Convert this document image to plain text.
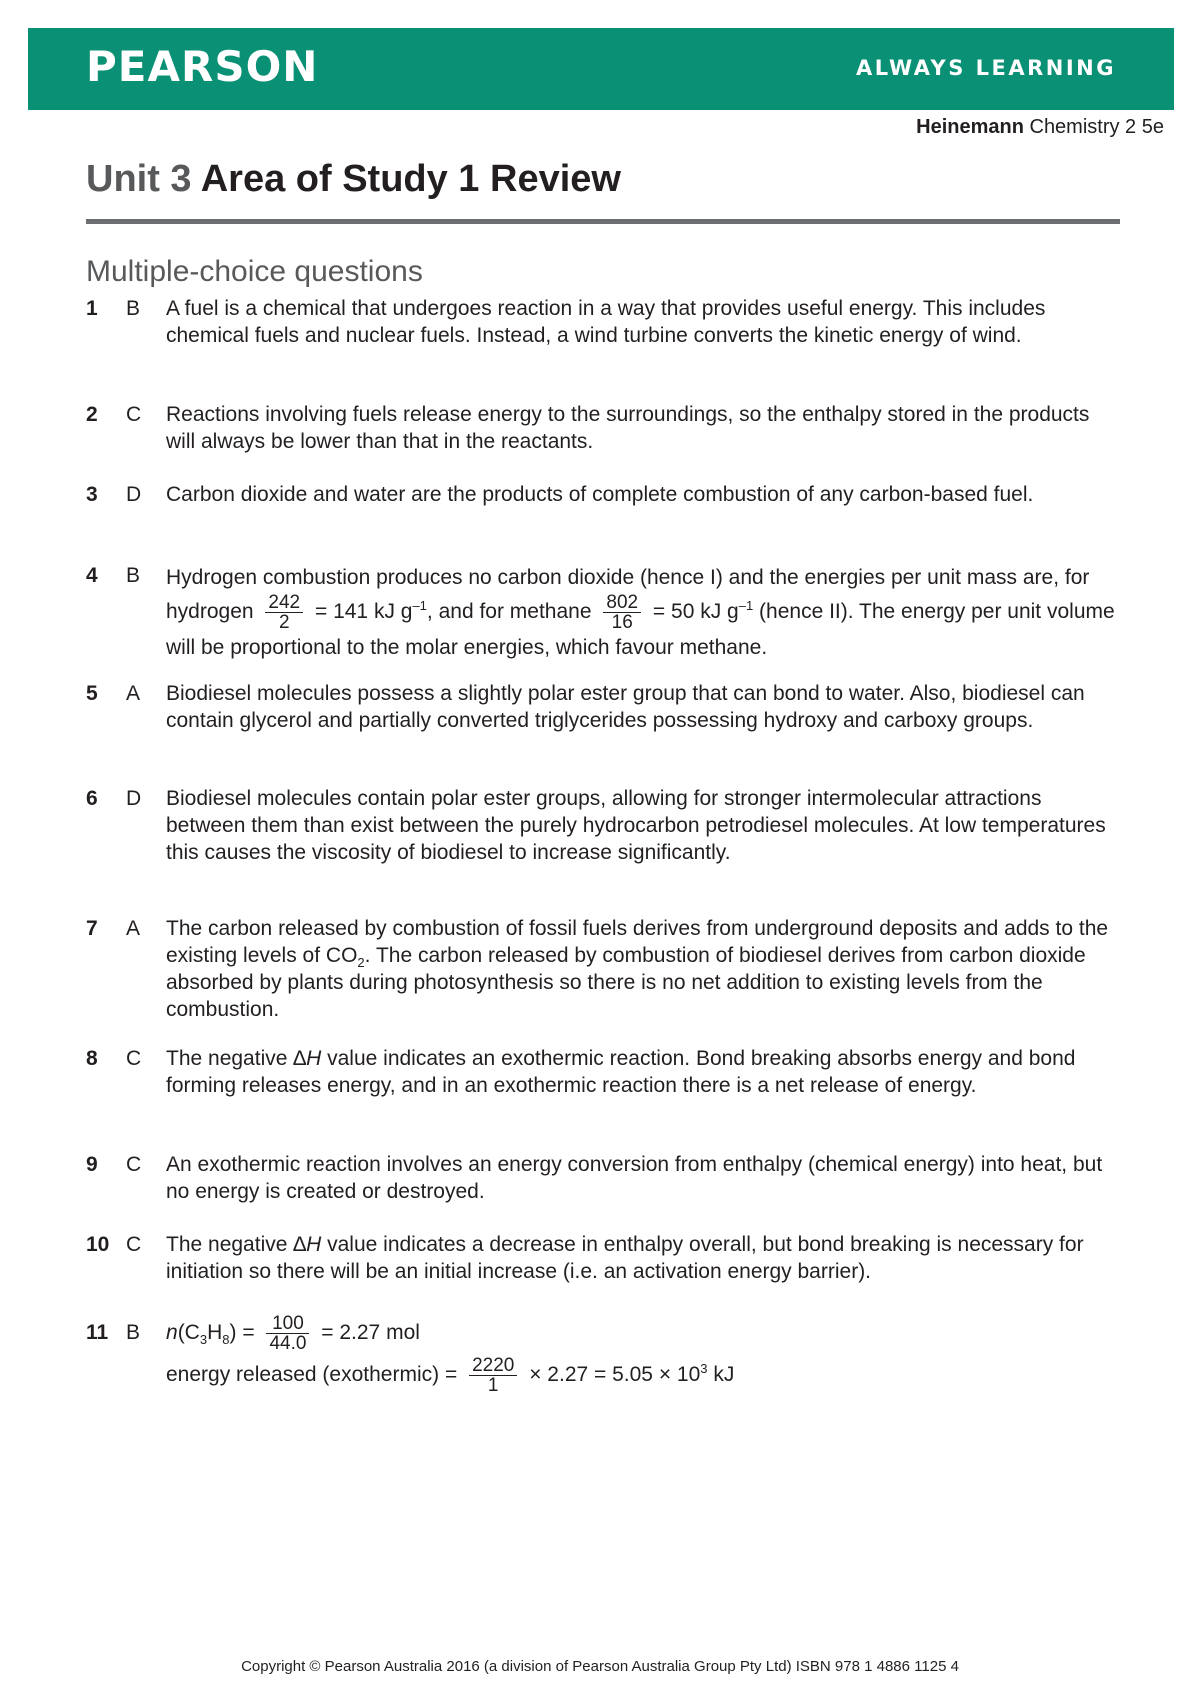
PEARSON	ALWAYS LEARNING
Heinemann Chemistry 2 5e
Unit 3 Area of Study 1 Review
Multiple-choice questions
1	B	A fuel is a chemical that undergoes reaction in a way that provides useful energy. This includes chemical fuels and nuclear fuels. Instead, a wind turbine converts the kinetic energy of wind.
2	C	Reactions involving fuels release energy to the surroundings, so the enthalpy stored in the products will always be lower than that in the reactants.
3	D	Carbon dioxide and water are the products of complete combustion of any carbon-based fuel.
4	B	Hydrogen combustion produces no carbon dioxide (hence I) and the energies per unit mass are, for hydrogen $\frac{242}{2} = 141$ kJ $g^{-1}$, and for methane $\frac{802}{16} = 50$ kJ $g^{-1}$ (hence II). The energy per unit volume will be proportional to the molar energies, which favour methane.
5	A	Biodiesel molecules possess a slightly polar ester group that can bond to water. Also, biodiesel can contain glycerol and partially converted triglycerides possessing hydroxy and carboxy groups.
6	D	Biodiesel molecules contain polar ester groups, allowing for stronger intermolecular attractions between them than exist between the purely hydrocarbon petrodiesel molecules. At low temperatures this causes the viscosity of biodiesel to increase significantly.
7	A	The carbon released by combustion of fossil fuels derives from underground deposits and adds to the existing levels of $CO_2$. The carbon released by combustion of biodiesel derives from carbon dioxide absorbed by plants during photosynthesis so there is no net addition to existing levels from the combustion.
8	C	The negative ∆H value indicates an exothermic reaction. Bond breaking absorbs energy and bond forming releases energy, and in an exothermic reaction there is a net release of energy.
9	C	An exothermic reaction involves an energy conversion from enthalpy (chemical energy) into heat, but no energy is created or destroyed.
10 C	The negative ∆H value indicates a decrease in enthalpy overall, but bond breaking is necessary for initiation so there will be an initial increase (i.e. an activation energy barrier).
11 B	$n(C_3H_8) = \frac{100}{44.0} = 2.27$ mol
energy released (exothermic) = $\frac{2220}{1} \times 2.27 = 5.05 \times 10^3$ kJ
Copyright © Pearson Australia 2016 (a division of Pearson Australia Group Pty Ltd) ISBN 978 1 4886 1125 4
